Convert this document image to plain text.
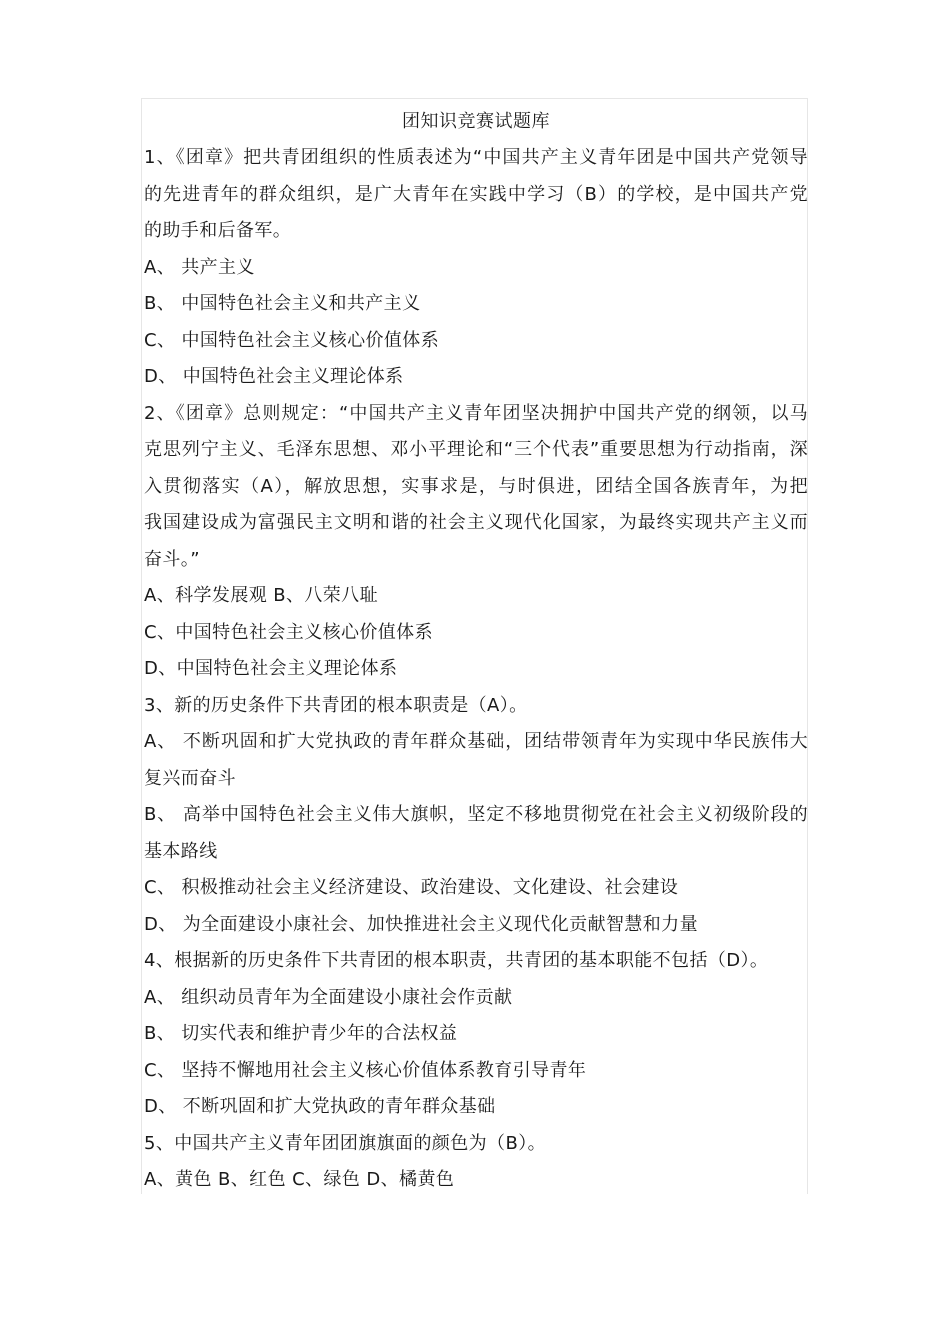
团知识竞赛试题库
1、《团章》把共青团组织的性质表述为“中国共产主义青年团是中国共产党领导
的先进青年的群众组织，是广大青年在实践中学习（B）的学校，是中国共产党
的助手和后备军。
A、 共产主义
B、 中国特色社会主义和共产主义
C、 中国特色社会主义核心价值体系
D、 中国特色社会主义理论体系
2、《团章》总则规定：“中国共产主义青年团坚决拥护中国共产党的纲领，以马
克思列宁主义、毛泽东思想、邓小平理论和“三个代表”重要思想为行动指南，深
入贯彻落实（A），解放思想，实事求是，与时俱进，团结全国各族青年，为把
我国建设成为富强民主文明和谐的社会主义现代化国家，为最终实现共产主义而
奋斗。”
A、科学发展观 B、八荣八耻
C、中国特色社会主义核心价值体系
D、中国特色社会主义理论体系
3、新的历史条件下共青团的根本职责是（A）。
A、 不断巩固和扩大党执政的青年群众基础，团结带领青年为实现中华民族伟大
复兴而奋斗
B、 高举中国特色社会主义伟大旗帜，坚定不移地贯彻党在社会主义初级阶段的
基本路线
C、 积极推动社会主义经济建设、政治建设、文化建设、社会建设
D、 为全面建设小康社会、加快推进社会主义现代化贡献智慧和力量
4、根据新的历史条件下共青团的根本职责，共青团的基本职能不包括（D）。
A、 组织动员青年为全面建设小康社会作贡献
B、 切实代表和维护青少年的合法权益
C、 坚持不懈地用社会主义核心价值体系教育引导青年
D、 不断巩固和扩大党执政的青年群众基础
5、中国共产主义青年团团旗旗面的颜色为（B）。
A、黄色 B、红色 C、绿色 D、橘黄色
